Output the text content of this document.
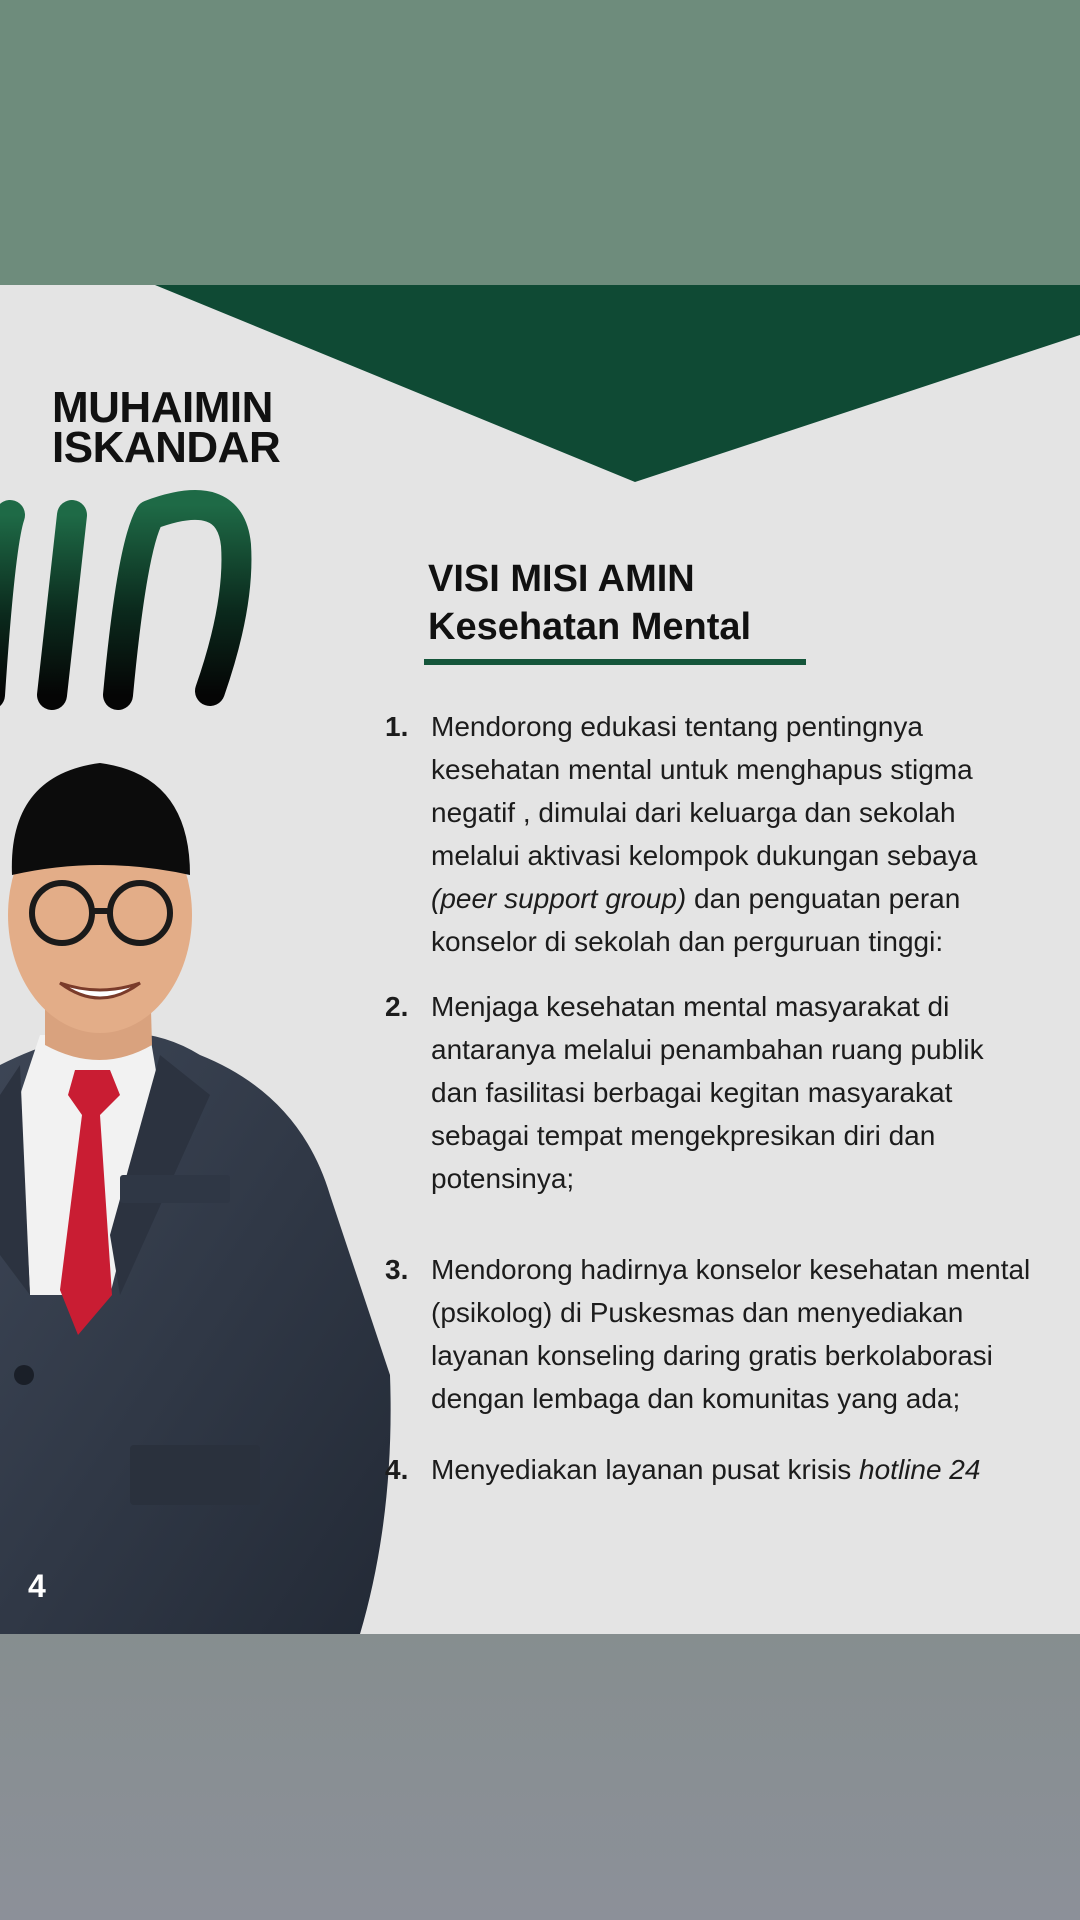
MUHAIMIN
ISKANDAR
4
VISI MISI AMIN
Kesehatan Mental
1. Mendorong edukasi tentang pentingnya kesehatan mental untuk menghapus stigma negatif , dimulai dari keluarga dan sekolah melalui aktivasi kelompok dukungan sebaya (peer support group) dan penguatan peran konselor di sekolah dan perguruan tinggi:
2. Menjaga kesehatan mental masyarakat di antaranya melalui penambahan ruang publik dan fasilitasi berbagai kegitan masyarakat sebagai tempat mengekpresikan diri dan potensinya;
3. Mendorong hadirnya konselor kesehatan mental (psikolog) di Puskesmas dan menyediakan layanan konseling daring gratis berkolaborasi dengan lembaga dan komunitas yang ada;
4. Menyediakan layanan pusat krisis hotline 24
